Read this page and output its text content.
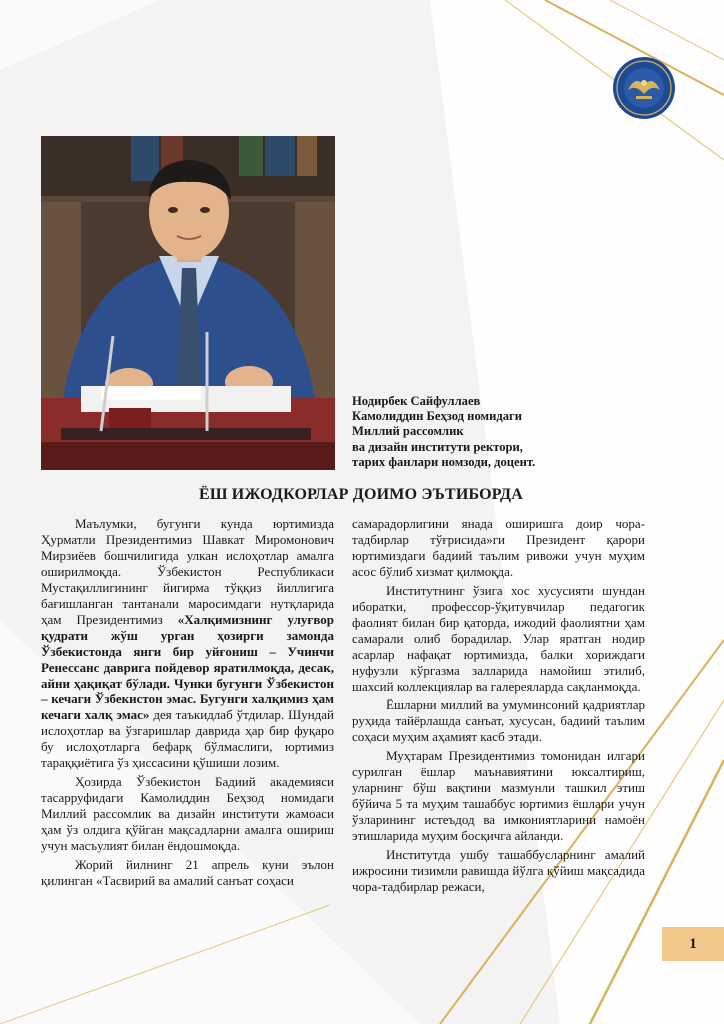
Нодирбек Сайфуллаев
Камолиддин Беҳзод номидаги
Миллий рассомлик
ва дизайн институти ректори,
тарих фанлари номзоди, доцент.
ЁШ ИЖОДКОРЛАР ДОИМО ЭЪТИБОРДА

Маълумки, бугунги кунда юртимизда Ҳурматли Президентимиз Шавкат Миромонович Мирзиёев бошчилигида улкан ислоҳотлар амалга оширилмоқда. Ўзбекистон Республикаси Мустақиллигининг йигирма тўққиз йиллигига бағишланган тантанали маросимдаги нутқларида ҳам Президентимиз «Халқимизнинг улуғвор қудрати жўш урган ҳозирги замонда Ўзбекистонда янги бир уйғониш – Учинчи Ренессанс даврига пойдевор яратилмоқда, десак, айни ҳақиқат бўлади. Чунки бугунги Ўзбекистон – кечаги Ўзбекистон эмас. Бугунги халқимиз ҳам кечаги халқ эмас» дея таъкидлаб ўтдилар. Шундай ислоҳотлар ва ўзгаришлар даврида ҳар бир фуқаро бу ислоҳотларга бефарқ бўлмаслиги, юртимиз тараққиётига ўз ҳиссасини қўшиши лозим.

Ҳозирда Ўзбекистон Бадиий академияси тасарруфидаги Камолиддин Беҳзод номидаги Миллий рассомлик ва дизайн институти жамоаси ҳам ўз олдига қўйган мақсадларни амалга ошириш учун масъулият билан ёндошмоқда.

Жорий йилнинг 21 апрель куни эълон қилинган «Тасвирий ва амалий санъат соҳаси

самарадорлигини янада оширишга доир чора-тадбирлар тўғрисида»ги Президент қарори юртимиздаги бадиий таълим ривожи учун муҳим асос бўлиб хизмат қилмоқда.

Институтнинг ўзига хос хусусияти шундан иборатки, профессор-ўқитувчилар педагогик фаолият билан бир қаторда, ижодий фаолиятни ҳам самарали олиб борадилар. Улар яратган нодир асарлар нафақат юртимизда, балки хориждаги нуфузли кўргазма залларида намойиш этилиб, шахсий коллекциялар ва галереяларда сақланмоқда.

Ёшларни миллий ва умуминсоний қадриятлар руҳида тайёрлашда санъат, хусусан, бадиий таълим соҳаси муҳим аҳамият касб этади.

Муҳтарам Президентимиз томонидан илгари сурилган ёшлар маънавиятини юксалтириш, уларнинг бўш вақтини мазмунли ташкил этиш бўйича 5 та муҳим ташаббус юртимиз ёшлари учун ўзларининг истеъдод ва имкониятларини намоён этишларида муҳим босқичга айланди.

Институтда ушбу ташаббусларнинг амалий ижросини тизимли равишда йўлга қўйиш мақсадида чора-тадбирлар режаси,

1
